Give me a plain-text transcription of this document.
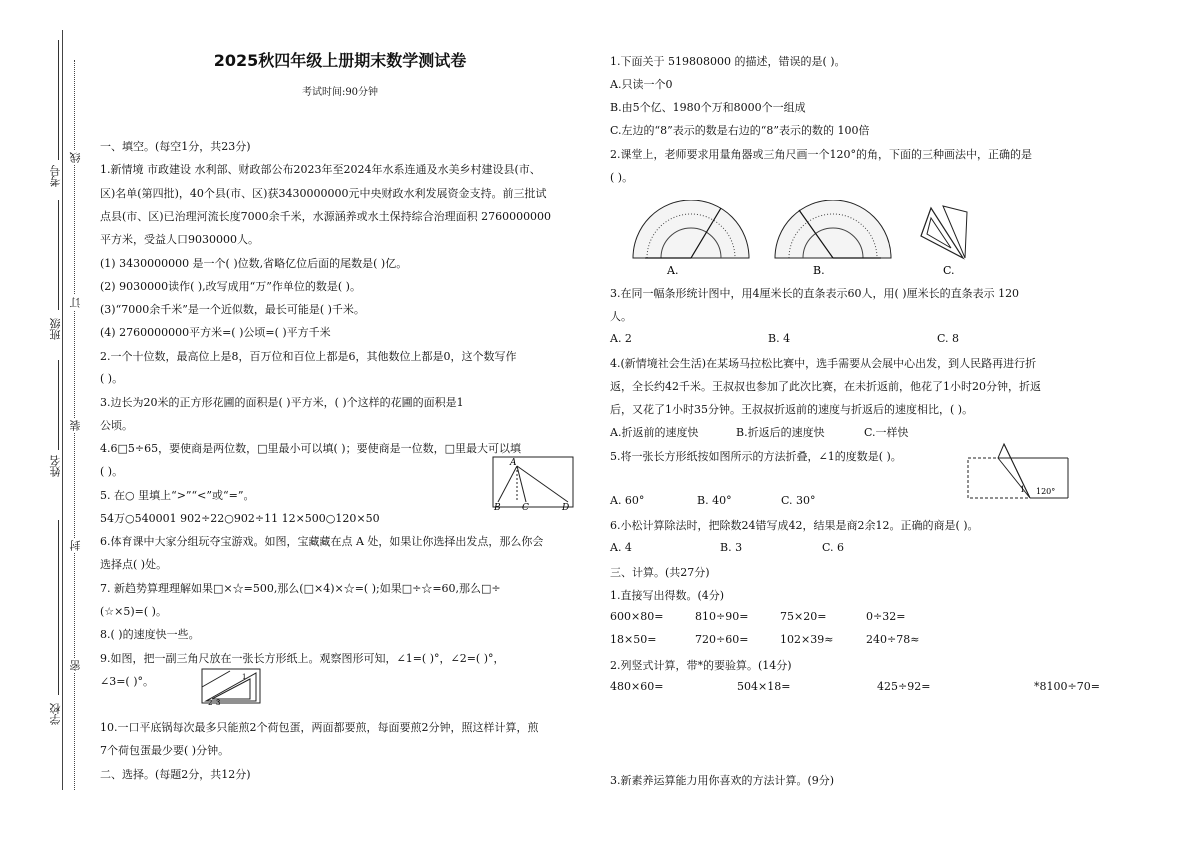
考号
班级
姓名
学校
线
订
装
封
密
2025秋四年级上册期末数学测试卷
考试时间:90分钟
一、填空。(每空1分，共23分)
1.新情境 市政建设 水利部、财政部公布2023年至2024年水系连通及水美乡村建设县(市、
区)名单(第四批)，40个县(市、区)获3430000000元中央财政水利发展资金支持。前三批试
点县(市、区)已治理河流长度7000余千米，水源涵养或水土保持综合治理面积 2760000000
平方米，受益人口9030000人。
(1) 3430000000 是一个( )位数,省略亿位后面的尾数是( )亿。
(2) 9030000读作( ),改写成用“万”作单位的数是( )。
(3)“7000余千米”是一个近似数，最长可能是( )千米。
(4) 2760000000平方米=( )公顷=( )平方千米
2.一个十位数，最高位上是8，百万位和百位上都是6，其他数位上都是0，这个数写作
( )。
3.边长为20米的正方形花圃的面积是( )平方米，( )个这样的花圃的面积是1
公顷。
4.6□5÷65，要使商是两位数，□里最小可以填( )；要使商是一位数，□里最大可以填
( )。
5. 在○ 里填上“>”“<”或“=”。
54万○540001 902÷22○902÷11 12×500○120×50
6.体育课中大家分组玩夺宝游戏。如图，宝藏藏在点 A 处，如果让你选择出发点，那么你会
选择点( )处。
7. 新趋势算理理解如果□×☆=500,那么(□×4)×☆=( );如果□÷☆=60,那么□÷
(☆×5)=( )。
8.( )的速度快一些。
9.如图，把一副三角尺放在一张长方形纸上。观察图形可知，∠1=( )°，∠2=( )°，
∠3=( )°。
10.一口平底锅每次最多只能煎2个荷包蛋，两面都要煎，每面要煎2分钟，照这样计算，煎
7个荷包蛋最少要( )分钟。
二、选择。(每题2分，共12分)
A
B C	D
1
2 3
1.下面关于 519808000 的描述，错误的是( )。
A.只读一个0
B.由5个亿、1980个万和8000个一组成
C.左边的“8”表示的数是右边的“8”表示的数的 100倍
2.课堂上，老师要求用量角器或三角尺画一个120°的角，下面的三种画法中，正确的是
( )。
A.	B.	C.
3.在同一幅条形统计图中，用4厘米长的直条表示60人，用( )厘米长的直条表示 120
人。
A. 2	B. 4	C. 8
4.(新情境社会生活)在某场马拉松比赛中，选手需要从会展中心出发，到人民路再进行折
返，全长约42千米。王叔叔也参加了此次比赛，在未折返前，他花了1小时20分钟，折返
后，又花了1小时35分钟。王叔叔折返前的速度与折返后的速度相比，( )。
A.折返前的速度快	B.折返后的速度快	C.一样快
5.将一张长方形纸按如图所示的方法折叠，∠1的度数是( )。
1 120°
A. 60°	B. 40°	C. 30°
6.小松计算除法时，把除数24错写成42，结果是商2余12。正确的商是( )。
A. 4	B. 3	C. 6
三、计算。(共27分)
1.直接写出得数。(4分)
600×80=	810÷90=	75×20=	0÷32=
18×50=	720÷60=	102×39≈	240÷78≈
2.列竖式计算，带*的要验算。(14分)
480×60=	504×18=	425÷92=	*8100÷70=
3.新素养运算能力用你喜欢的方法计算。(9分)
